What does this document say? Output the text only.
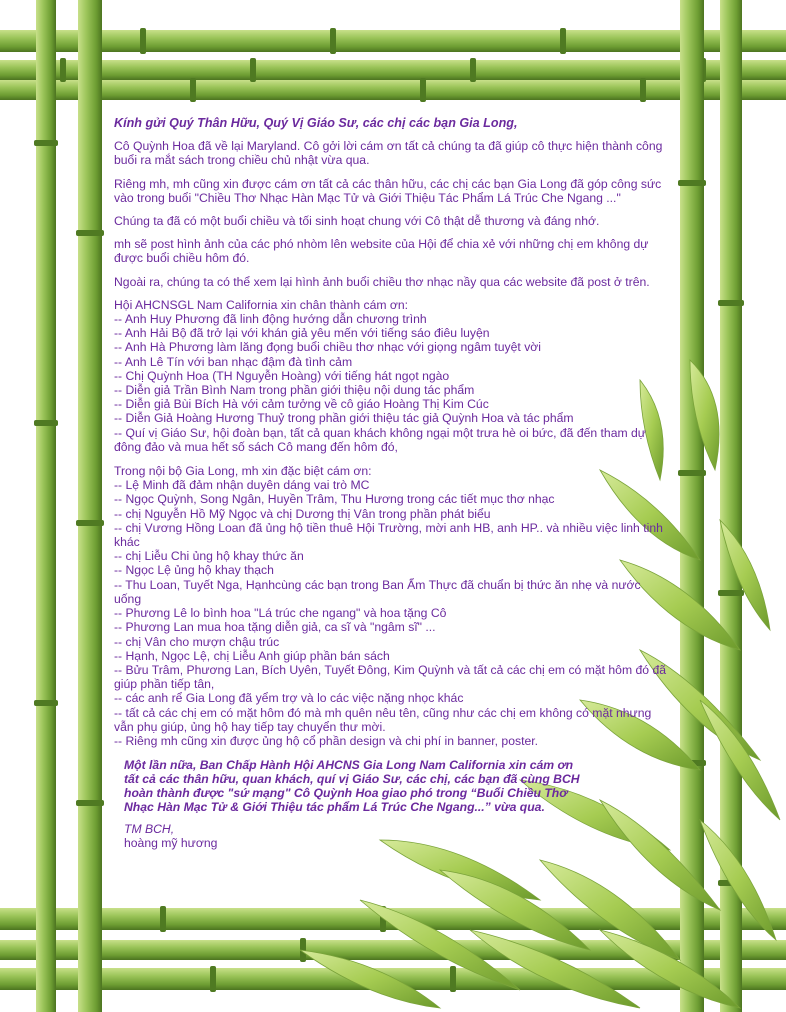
Kính gửi Quý Thân Hữu, Quý Vị Giáo Sư, các chị các bạn Gia Long,

Cô Quỳnh Hoa đã về lại Maryland. Cô gởi lời cám ơn tất cả chúng ta đã giúp cô thực hiện thành công buổi ra mắt sách trong chiều chủ nhật vừa qua.

Riêng mh, mh cũng xin được cám ơn tất cả các thân hữu, các chị các bạn Gia Long đã góp công sức vào trong buổi "Chiều Thơ Nhạc Hàn Mạc Tử và Giới Thiệu Tác Phẩm Lá Trúc Che Ngang ..."

Chúng ta đã có một buổi chiều và tối sinh hoạt chung với Cô thật dễ thương và đáng nhớ.

mh sẽ post hình ảnh của các phó nhòm lên website của Hội để chia xẻ với những chị em không dự được buổi chiều hôm đó.

Ngoài ra, chúng ta có thể xem lại hình ảnh buổi chiều thơ nhạc nầy qua các website đã post ở trên.

Hội AHCNSGL Nam California xin chân thành cám ơn:
-- Anh Huy Phương đã linh động hướng dẫn chương trình
-- Anh Hải Bộ đã trở lại với khán giả yêu mến với tiếng sáo điêu luyện
-- Anh Hà Phương làm lăng đọng buổi chiều thơ nhạc với giọng ngâm tuyệt vời
-- Anh Lê Tín với ban nhạc đậm đà tình cảm
-- Chị Quỳnh Hoa (TH Nguyễn Hoàng) với tiếng hát ngọt ngào
-- Diễn giả Trần Bình Nam trong phần giới thiệu nội dung tác phẩm
-- Diễn giả Bùi Bích Hà với cảm tưởng về cô giáo Hoàng Thị Kim Cúc
-- Diễn Giả Hoàng Hương Thuỷ trong phần giới thiệu tác giả Quỳnh Hoa và tác phẩm
-- Quí vị Giáo Sư, hội đoàn bạn, tất cả quan khách không ngại một trưa hè oi bức, đã đến tham dự đông đảo và mua hết số sách Cô mang đến hôm đó,
Trong nội bộ Gia Long, mh xin đặc biệt cám ơn:
-- Lệ Minh đã đảm nhận duyên dáng vai trò MC
-- Ngọc Quỳnh, Song Ngân, Huyền Trâm, Thu Hương trong các tiết mục thơ nhạc
-- chị Nguyễn Hồ Mỹ Ngọc và chị Dương thị Vân trong phần phát biểu
-- chị Vương Hồng Loan đã ủng hộ tiền thuê Hội Trường, mời anh HB, anh HP.. và nhiều việc linh tinh khác
-- chị Liễu Chi ủng hộ khay thức ăn
-- Ngọc Lệ ủng hộ khay thạch
-- Thu Loan, Tuyết Nga, Hạnhcùng các bạn trong Ban Ẩm Thực đã chuẩn bị thức ăn nhẹ và nước uống
-- Phương Lê lo bình hoa "Lá trúc che ngang" và hoa tặng Cô
-- Phương Lan mua hoa tặng diễn giả, ca sĩ và "ngâm sĩ" ...
-- chị Vân cho mượn chậu trúc
-- Hạnh, Ngọc Lệ, chị Liễu Anh giúp phần bán sách
-- Bửu Trâm, Phương Lan, Bích Uyên, Tuyết Đông, Kim Quỳnh và tất cả các chị em có mặt hôm đó đã giúp phần tiếp tân,
-- các anh rể Gia Long đã yểm trợ và lo các việc nặng nhọc khác
-- tất cả các chị em có mặt hôm đó mà mh quên nêu tên, cũng như các chị em không có mặt nhưng vẫn phụ giúp, ủng hộ hay tiếp tay chuyển thư mời.
-- Riêng mh cũng xin được ủng hộ cổ phần design và chi phí in banner, poster.

Một lần nữa, Ban Chấp Hành Hội AHCNS Gia Long Nam California xin cám ơn tất cả các thân hữu, quan khách, quí vị Giáo Sư, các chị, các bạn đã cùng BCH hoàn thành được "sứ mạng" Cô Quỳnh Hoa giao phó trong “Buổi Chiều Thơ Nhạc Hàn Mạc Tử & Giới Thiệu tác phẩm Lá Trúc Che Ngang...” vừa qua.

TM BCH,
hoàng mỹ hương
